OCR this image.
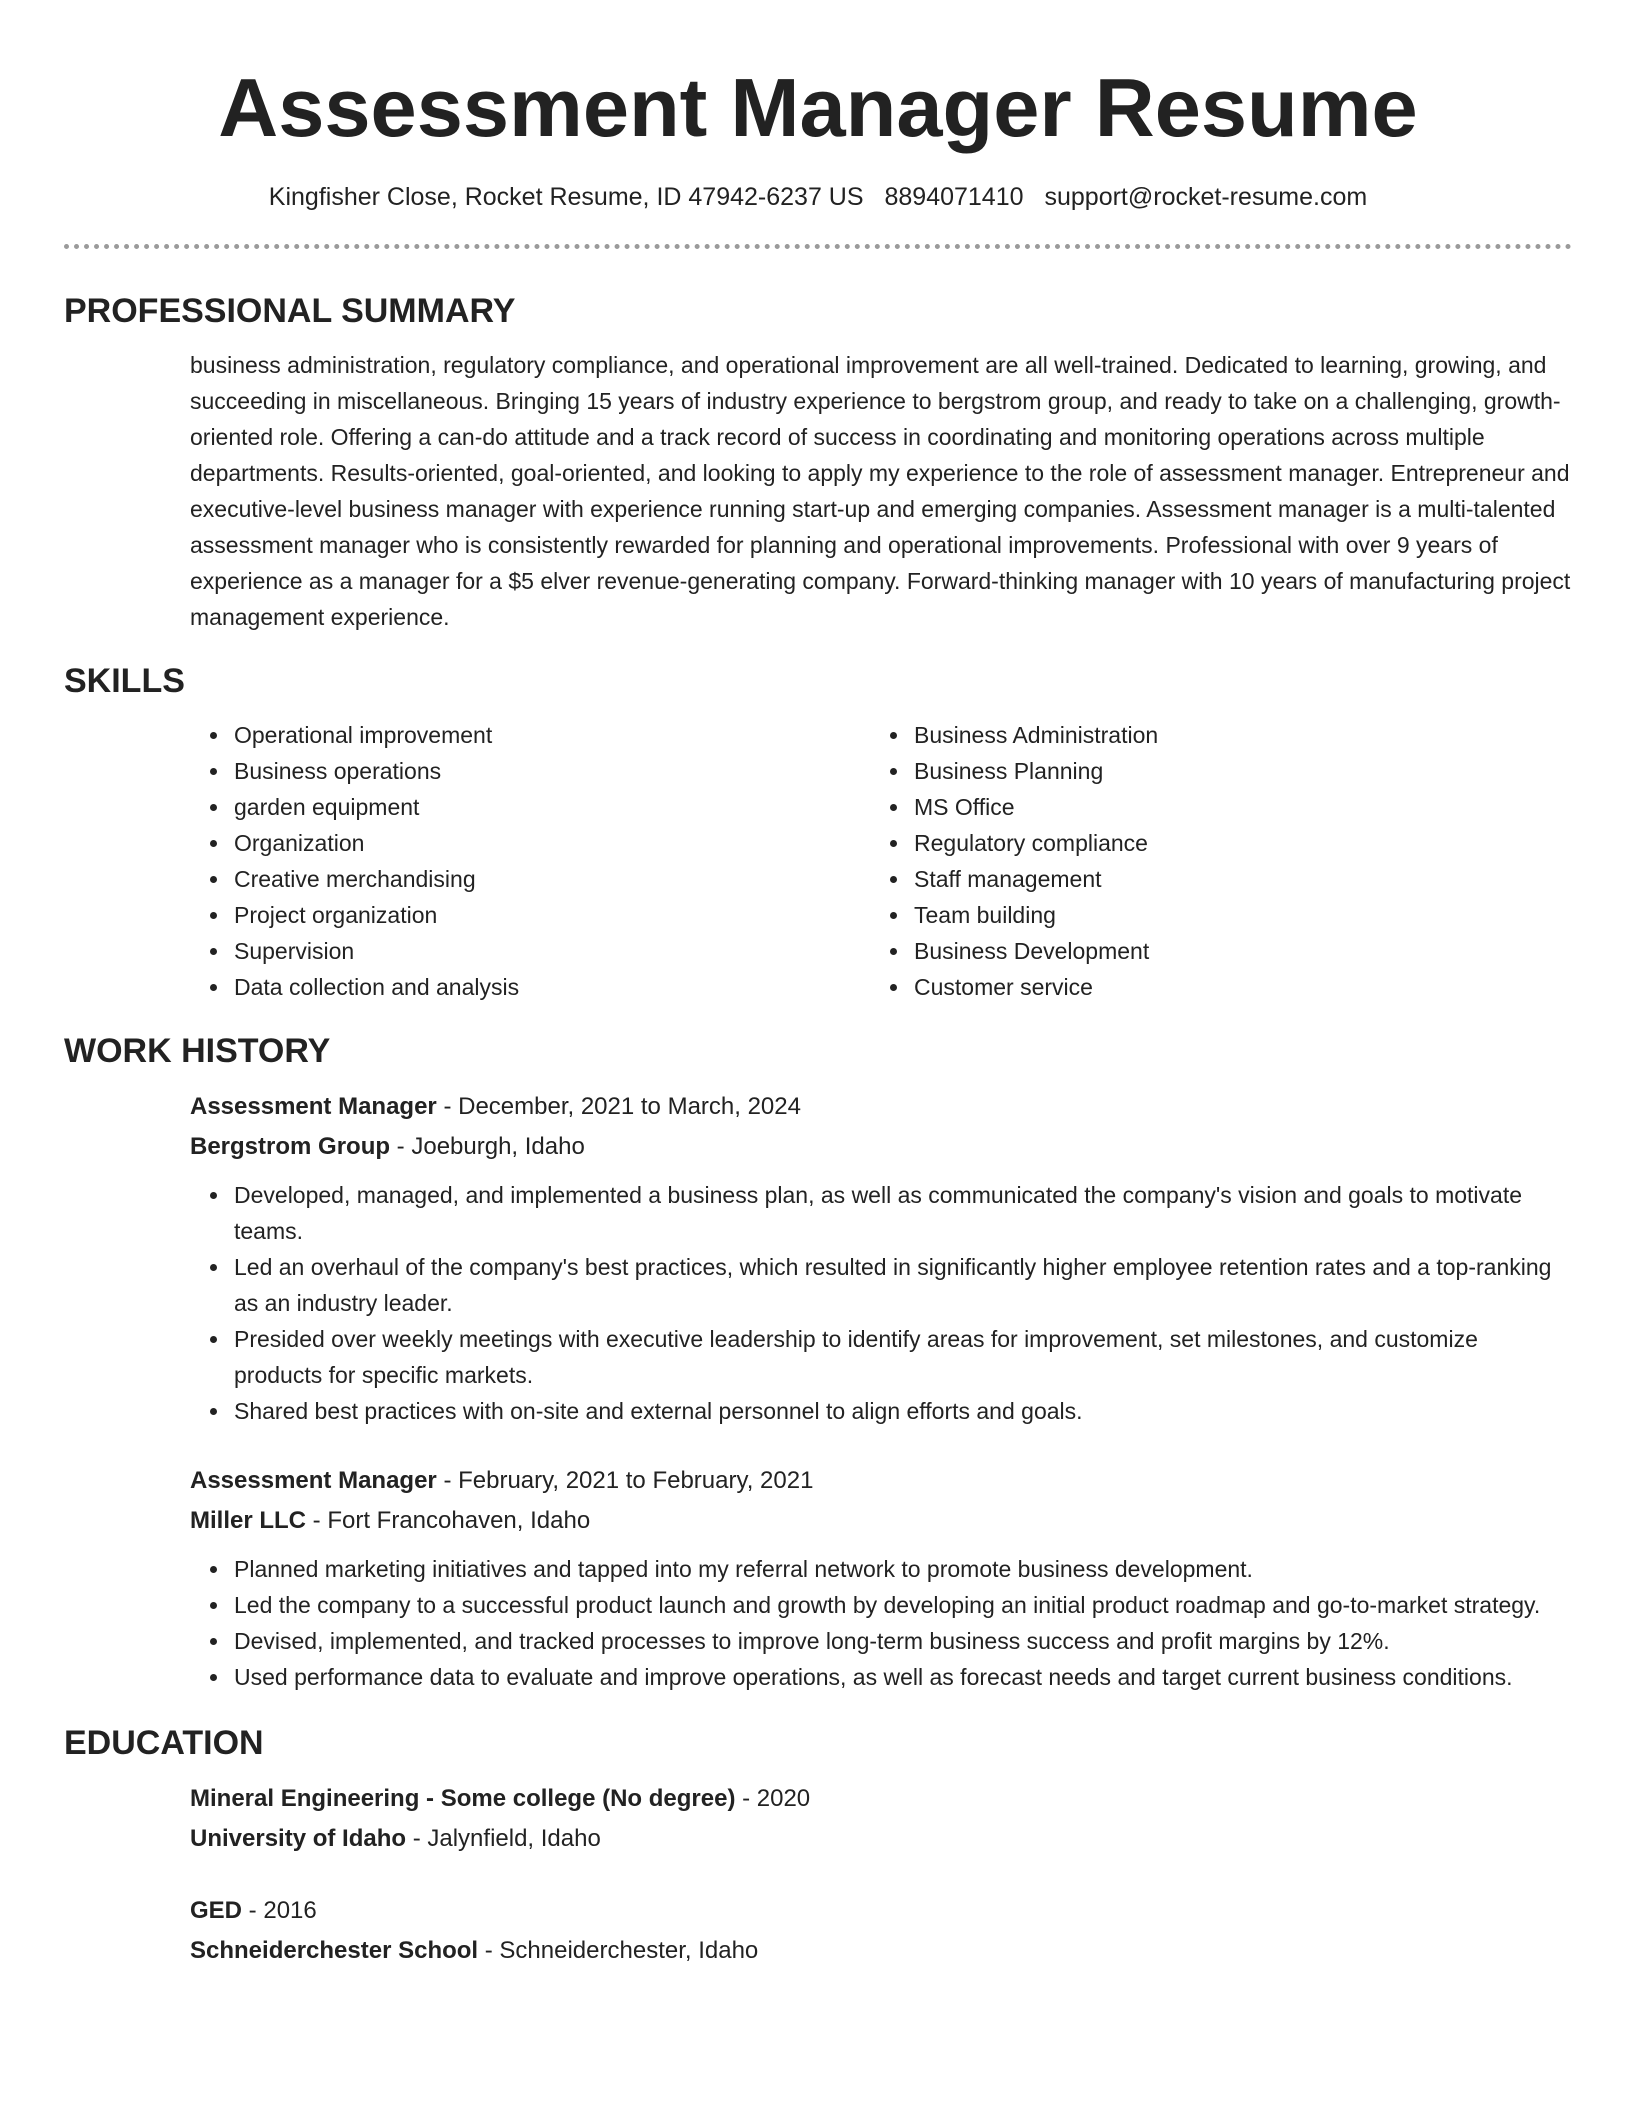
Assessment Manager Resume
Kingfisher Close, Rocket Resume, ID 47942-6237 US 8894071410 support@rocket-resume.com
PROFESSIONAL SUMMARY

business administration, regulatory compliance, and operational improvement are all well-trained. Dedicated to learning, growing, and succeeding in miscellaneous. Bringing 15 years of industry experience to bergstrom group, and ready to take on a challenging, growth-oriented role. Offering a can-do attitude and a track record of success in coordinating and monitoring operations across multiple departments. Results-oriented, goal-oriented, and looking to apply my experience to the role of assessment manager. Entrepreneur and executive-level business manager with experience running start-up and emerging companies. Assessment manager is a multi-talented assessment manager who is consistently rewarded for planning and operational improvements. Professional with over 9 years of experience as a manager for a $5 elver revenue-generating company. Forward-thinking manager with 10 years of manufacturing project management experience.

SKILLS
Operational improvement
Business operations
garden equipment
Organization
Creative merchandising
Project organization
Supervision
Data collection and analysis
Business Administration
Business Planning
MS Office
Regulatory compliance
Staff management
Team building
Business Development
Customer service
WORK HISTORY
Assessment Manager - December, 2021 to March, 2024
Bergstrom Group - Joeburgh, Idaho
Developed, managed, and implemented a business plan, as well as communicated the company's vision and goals to motivate teams.
Led an overhaul of the company's best practices, which resulted in significantly higher employee retention rates and a top-ranking as an industry leader.
Presided over weekly meetings with executive leadership to identify areas for improvement, set milestones, and customize products for specific markets.
Shared best practices with on-site and external personnel to align efforts and goals.
Assessment Manager - February, 2021 to February, 2021
Miller LLC - Fort Francohaven, Idaho
Planned marketing initiatives and tapped into my referral network to promote business development.
Led the company to a successful product launch and growth by developing an initial product roadmap and go-to-market strategy.
Devised, implemented, and tracked processes to improve long-term business success and profit margins by 12%.
Used performance data to evaluate and improve operations, as well as forecast needs and target current business conditions.
EDUCATION
Mineral Engineering - Some college (No degree) - 2020
University of Idaho - Jalynfield, Idaho
GED - 2016
Schneiderchester School - Schneiderchester, Idaho
